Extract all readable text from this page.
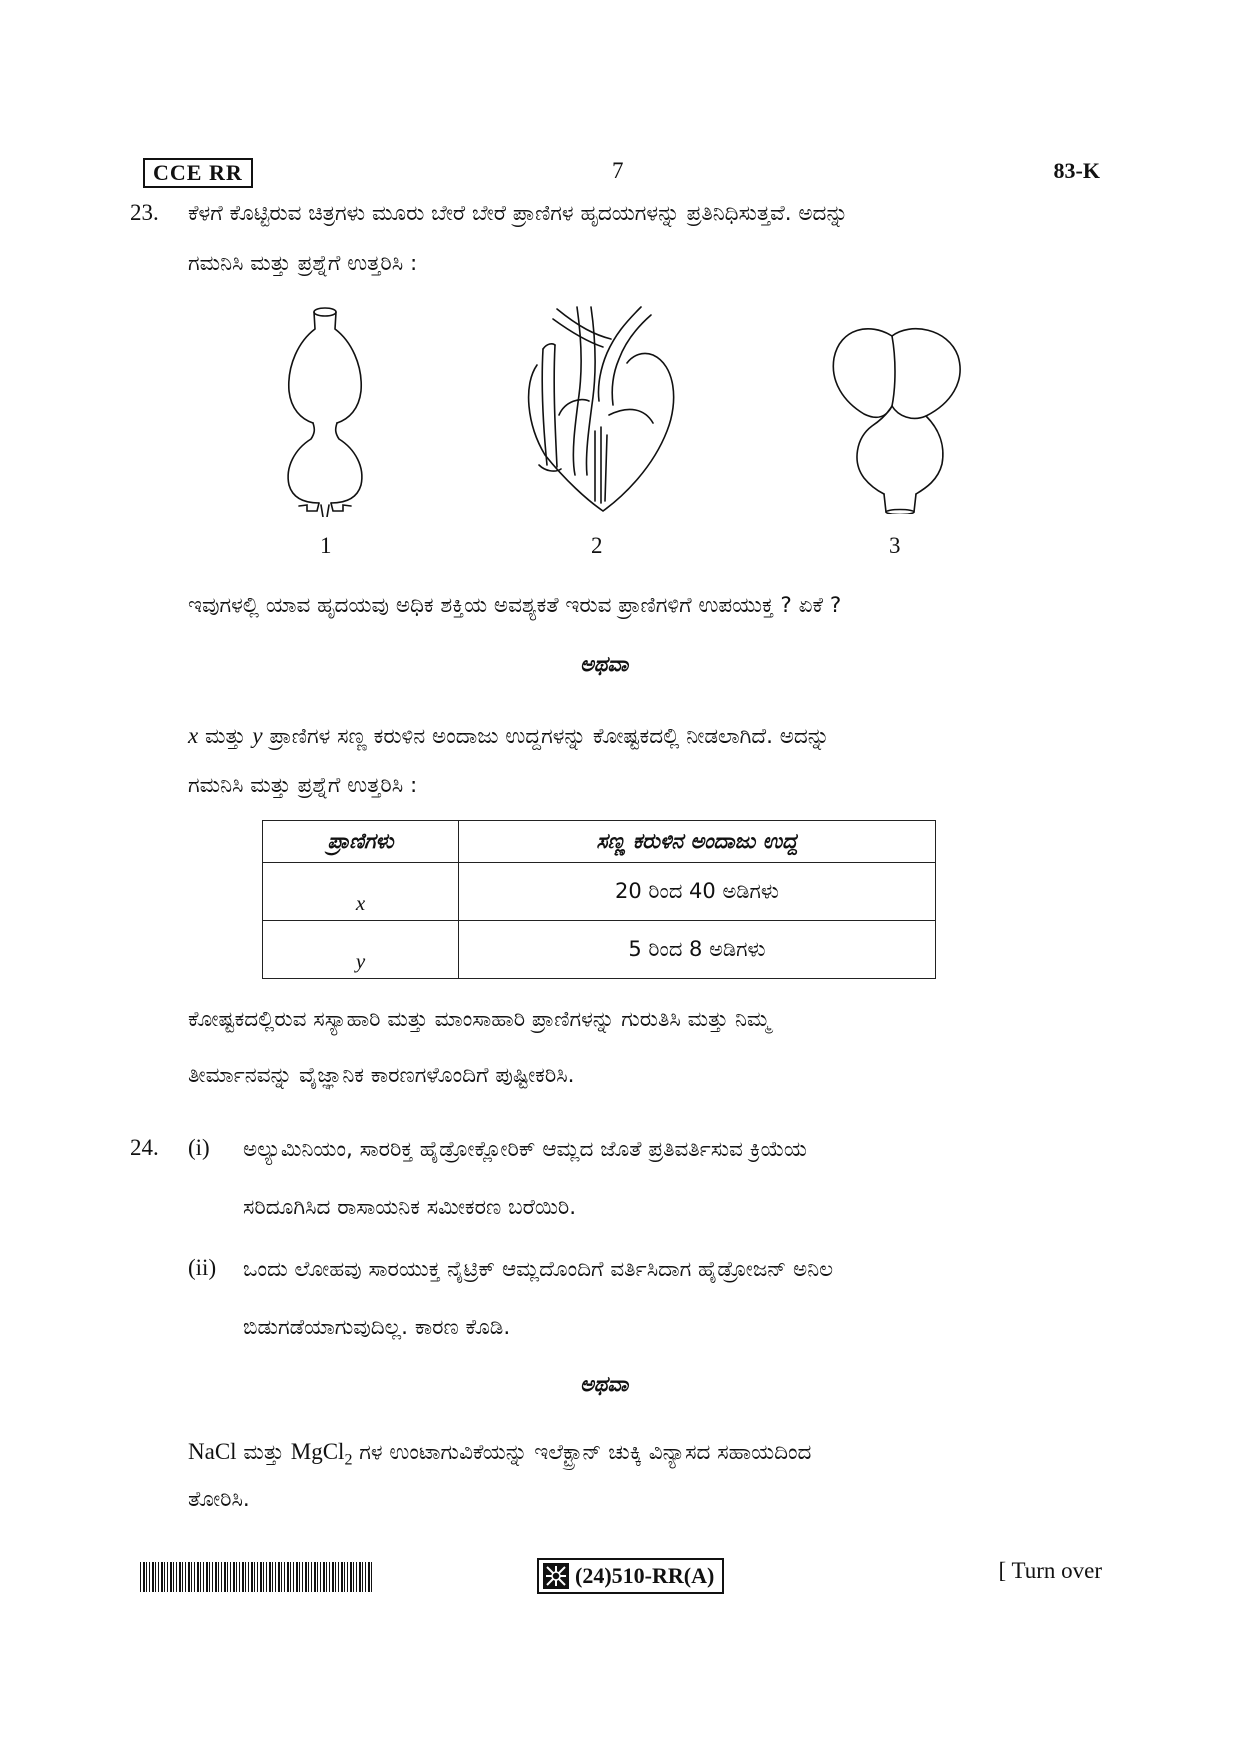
CCE RR	7	83-K
23. ಕೆಳಗೆ ಕೊಟ್ಟಿರುವ ಚಿತ್ರಗಳು ಮೂರು ಬೇರೆ ಬೇರೆ ಪ್ರಾಣಿಗಳ ಹೃದಯಗಳನ್ನು ಪ್ರತಿನಿಧಿಸುತ್ತವೆ. ಅದನ್ನು
ಗಮನಿಸಿ ಮತ್ತು ಪ್ರಶ್ನೆಗೆ ಉತ್ತರಿಸಿ :
1	2	3
ಇವುಗಳಲ್ಲಿ ಯಾವ ಹೃದಯವು ಅಧಿಕ ಶಕ್ತಿಯ ಅವಶ್ಯಕತೆ ಇರುವ ಪ್ರಾಣಿಗಳಿಗೆ ಉಪಯುಕ್ತ ? ಏಕೆ ?
ಅಥವಾ
x ಮತ್ತು y ಪ್ರಾಣಿಗಳ ಸಣ್ಣ ಕರುಳಿನ ಅಂದಾಜು ಉದ್ದಗಳನ್ನು ಕೋಷ್ಟಕದಲ್ಲಿ ನೀಡಲಾಗಿದೆ. ಅದನ್ನು
ಗಮನಿಸಿ ಮತ್ತು ಪ್ರಶ್ನೆಗೆ ಉತ್ತರಿಸಿ :
ಪ್ರಾಣಿಗಳು	ಸಣ್ಣ ಕರುಳಿನ ಅಂದಾಜು ಉದ್ದ
x	20 ರಿಂದ 40 ಅಡಿಗಳು
y	5 ರಿಂದ 8 ಅಡಿಗಳು
ಕೋಷ್ಟಕದಲ್ಲಿರುವ ಸಸ್ಯಾಹಾರಿ ಮತ್ತು ಮಾಂಸಾಹಾರಿ ಪ್ರಾಣಿಗಳನ್ನು ಗುರುತಿಸಿ ಮತ್ತು ನಿಮ್ಮ
ತೀರ್ಮಾನವನ್ನು ವೈಜ್ಞಾನಿಕ ಕಾರಣಗಳೊಂದಿಗೆ ಪುಷ್ಟೀಕರಿಸಿ.
24. (i) ಅಲ್ಯುಮಿನಿಯಂ, ಸಾರರಿಕ್ತ ಹೈಡ್ರೋಕ್ಲೋರಿಕ್ ಆಮ್ಲದ ಜೊತೆ ಪ್ರತಿವರ್ತಿಸುವ ಕ್ರಿಯೆಯ
ಸರಿದೂಗಿಸಿದ ರಾಸಾಯನಿಕ ಸಮೀಕರಣ ಬರೆಯಿರಿ.
(ii) ಒಂದು ಲೋಹವು ಸಾರಯುಕ್ತ ನೈಟ್ರಿಕ್ ಆಮ್ಲದೊಂದಿಗೆ ವರ್ತಿಸಿದಾಗ ಹೈಡ್ರೋಜನ್ ಅನಿಲ
ಬಿಡುಗಡೆಯಾಗುವುದಿಲ್ಲ. ಕಾರಣ ಕೊಡಿ.
ಅಥವಾ
NaCl ಮತ್ತು MgCl$_2$ ಗಳ ಉಂಟಾಗುವಿಕೆಯನ್ನು ಇಲೆಕ್ಟ್ರಾನ್ ಚುಕ್ಕಿ ವಿನ್ಯಾಸದ ಸಹಾಯದಿಂದ
ತೋರಿಸಿ.
(24)510-RR(A)	[ Turn over
